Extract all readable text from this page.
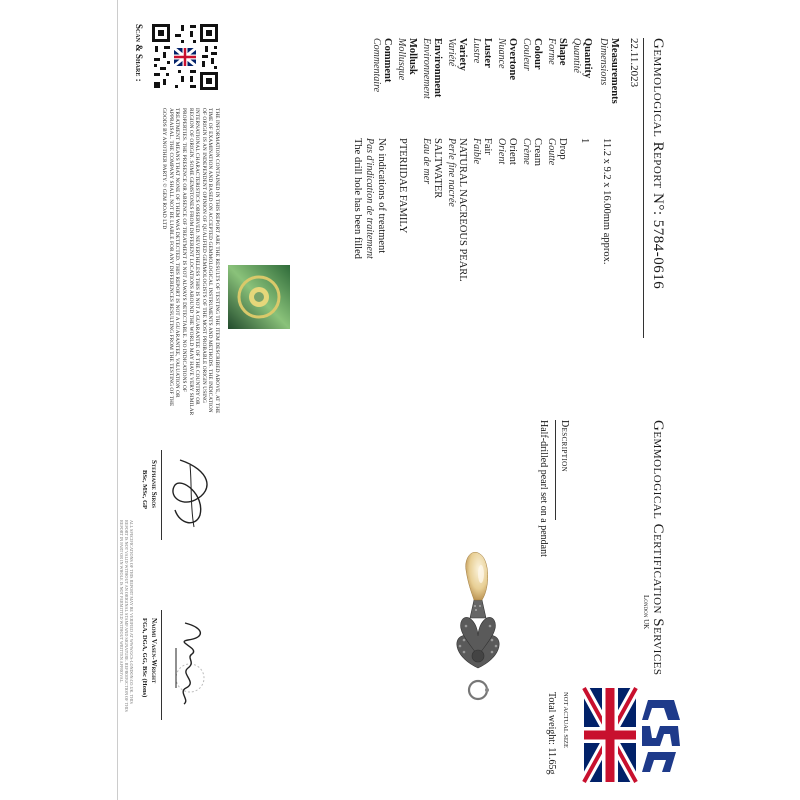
Gemmological Report N°: 5784-0616
22.11.2023
Gemmological Certification Services
London UK
Measurements
Dimensions
11.2 x 9.2 x 16.00mm approx.
Quantity
Quantité
1
Shape
Forme
Drop
Goutte
Colour
Couleur
Cream
Crème
Overtone
Nuance
Orient
Orient
Luster
Lustre
Fair
Faible
Variety
Variété
NATURAL NACREOUS PEARL
Perle fine nacrée
Environment
Environnement
SALTWATER
Eau de mer
Mollusk
Mollusque
PTERIIDAE FAMILY
Comment
Commentaire
No indications of treatment
Pas d'indication de traitement
The drill hole has been filled
Scan & Share :
THE INFORMATION CONTAINED IN THIS REPORT ARE THE RESULTS OF TESTING THE ITEM DESCRIBED ABOVE, AT THE TIME OF EXAMINATION AND BASED ON ACCEPTED GEMMOLOGICAL INSTRUMENTS AND METHODS. THE INDICATION OF ORIGIN IS AN INDEPENDENT OPINION OF QUALIFIED GEMMOLOGISTS OF THE MOST PROBABLE ORIGIN USING INTERNATIONAL CHARACTERISTICS OBSERVED. NEVERTHELESS THIS IS NOT A GUARANTEE OF THE COUNTRY OR REGION OF ORIGIN. SOME GEMSTONES FROM DIFFERENT LOCATIONS AROUND THE WORLD MAY HAVE VERY SIMILAR PROPERTIES. THE PRESENCE OR ABSENCE OF TREATMENT IS NOT ALWAYS DETECTABLE. NO INDICATIONS OF TREATMENT MEANS THAT NONE OF THEM WAS DETECTED. THIS REPORT IS NOT A GUARANTEE, VALUATION OR APPRAISAL. THE COMPANY SHALL NOT BE LIABLE FOR ANY DIFFERENCES RESULTING FROM THE TESTING OF THE GOODS BY ANOTHER PARTY. © GEM ROAD LTD
Description
Half-drilled pearl set on a pendant
NOT ACTUAL SIZE
Total weight: 11.65g
Stephanie Siros
BSc, MSc, GP
Naomi Vasen-Wright
FGA, DGA, GG, BSc (Hons)
ALL SPECIFICATIONS OF THIS REPORT MAY BE VERIFIED AT WWW.GCS-LONDON.CO.UK. THIS REPORT IS NOT VALID WITHOUT AN ORIGINAL STAMP AND SIGNATURE. REPRODUCTION OF THIS REPORT IN PART OR IN WHOLE IS NOT PERMITTED WITHOUT WRITTEN APPROVAL.
